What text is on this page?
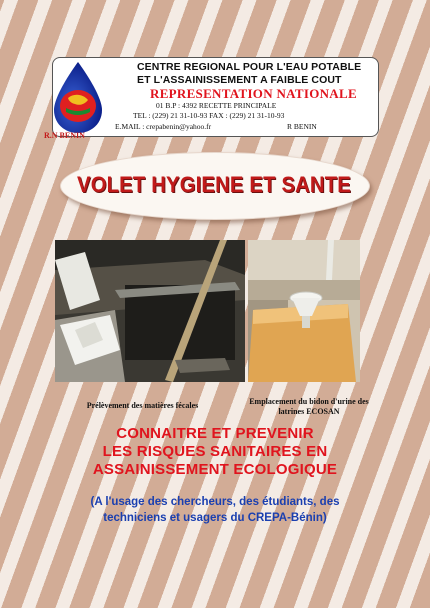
CENTRE REGIONAL POUR L'EAU POTABLE
ET L'ASSAINISSEMENT A FAIBLE COUT
REPRESENTATION NATIONALE
01 B.P : 4392 RECETTE PRINCIPALE
TEL : (229) 21 31-10-93 FAX : (229) 21 31-10-93
E.MAIL : crepabenin@yahoo.fr	R BENIN
R.N BENIN
VOLET HYGIENE ET SANTE
Prélèvement des matières fécales	Emplacement du bidon d'urine des latrines ECOSAN
CONNAITRE ET PREVENIR
LES RISQUES SANITAIRES EN
ASSAINISSEMENT ECOLOGIQUE
(A l'usage des chercheurs, des étudiants, des
techniciens et usagers du CREPA-Bénin)
